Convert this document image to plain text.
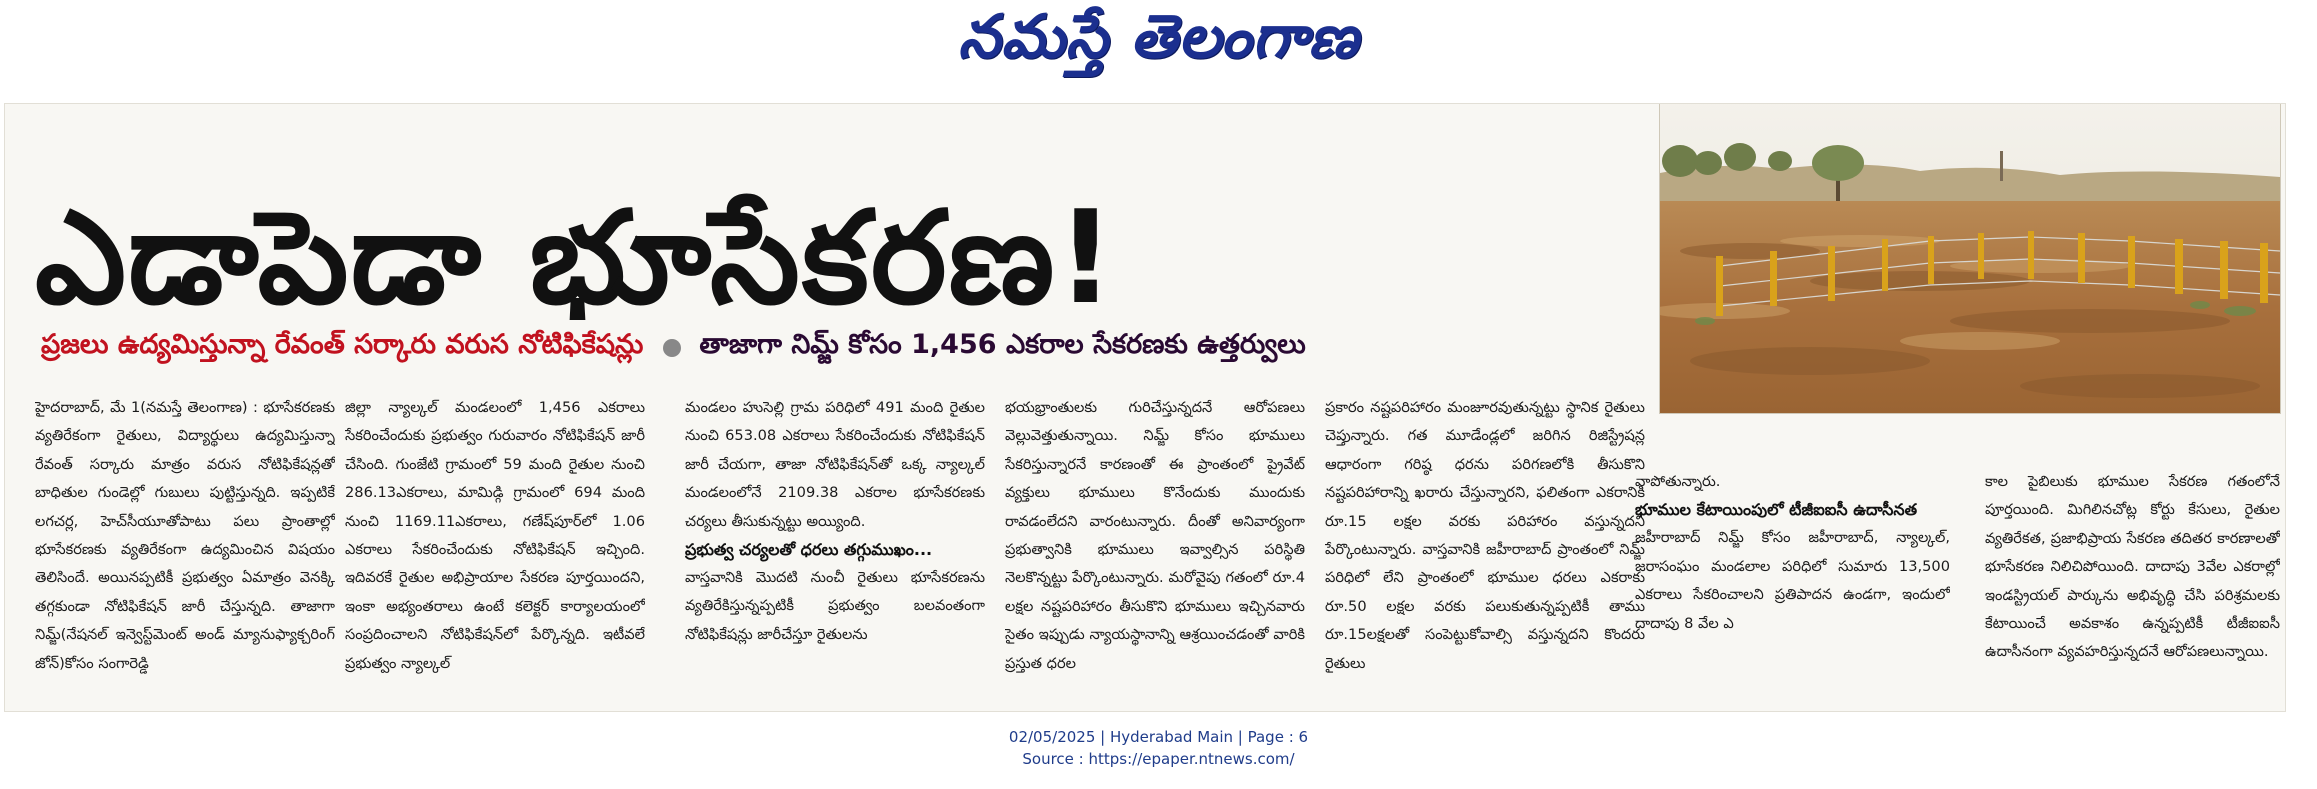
నమస్తే తెలంగాణ
ఎడాపెడా భూసేకరణ!
ప్రజలు ఉద్యమిస్తున్నా రేవంత్‌ సర్కారు వరుస నోటిఫికేషన్లు తాజాగా నిమ్జ్‌ కోసం 1,456 ఎకరాల సేకరణకు ఉత్తర్వులు

హైదరాబాద్‌, మే 1(నమస్తే తెలంగాణ) : భూసేకరణకు వ్యతిరేకంగా రైతులు, విద్యార్థులు ఉద్యమిస్తున్నా రేవంత్‌ సర్కారు మాత్రం వరుస నోటిఫికేషన్లతో బాధితుల గుండెల్లో గుబులు పుట్టిస్తున్నది. ఇప్పటికే లగచర్ల, హెచ్‌సీయూతోపాటు పలు ప్రాంతాల్లో భూసేకరణకు వ్యతిరేకంగా ఉద్యమించిన విషయం తెలిసిందే. అయినప్పటికీ ప్రభుత్వం ఏమాత్రం వెనక్కి తగ్గకుండా నోటిఫికేషన్‌ జారీ చేస్తున్నది. తాజాగా నిమ్జ్‌(నేషనల్‌ ఇన్వెస్ట్‌మెంట్‌ అండ్‌ మ్యానుఫ్యాక్చరింగ్‌ జోన్‌)కోసం సంగారెడ్డి

జిల్లా న్యాల్కల్‌ మండలంలో 1,456 ఎకరాలు సేకరించేందుకు ప్రభుత్వం గురువారం నోటిఫికేషన్‌ జారీ చేసింది. గుంజేటి గ్రామంలో 59 మంది రైతుల నుంచి 286.13ఎకరాలు, మామిడ్గి గ్రామంలో 694 మంది నుంచి 1169.11ఎకరాలు, గణేష్‌పూర్‌లో 1.06 ఎకరాలు సేకరించేందుకు నోటిఫికేషన్‌ ఇచ్చింది. ఇదివరకే రైతుల అభిప్రాయాల సేకరణ పూర్తయిందని, ఇంకా అభ్యంతరాలు ఉంటే కలెక్టర్‌ కార్యాలయంలో సంప్రదించాలని నోటిఫికేషన్‌లో పేర్కొన్నది. ఇటీవలే ప్రభుత్వం న్యాల్కల్‌

మండలం హుసెల్లి గ్రామ పరిధిలో 491 మంది రైతుల నుంచి 653.08 ఎకరాలు సేకరించేందుకు నోటిఫికేషన్‌ జారీ చేయగా, తాజా నోటిఫికేషన్‌తో ఒక్క న్యాల్కల్‌ మండలంలోనే 2109.38 ఎకరాల భూసేకరణకు చర్యలు తీసుకున్నట్టు అయ్యింది.

ప్రభుత్వ చర్యలతో ధరలు తగ్గుముఖం...

వాస్తవానికి మొదటి నుంచీ రైతులు భూసేకరణను వ్యతిరేకిస్తున్నప్పటికీ ప్రభుత్వం బలవంతంగా నోటిఫికేషన్లు జారీచేస్తూ రైతులను

భయభ్రాంతులకు గురిచేస్తున్నదనే ఆరోపణలు వెల్లువెత్తుతున్నాయి. నిమ్జ్‌ కోసం భూములు సేకరిస్తున్నారనే కారణంతో ఈ ప్రాంతంలో ప్రైవేట్‌ వ్యక్తులు భూములు కొనేందుకు ముందుకు రావడంలేదని వారంటున్నారు. దీంతో అనివార్యంగా ప్రభుత్వానికి భూములు ఇవ్వాల్సిన పరిస్థితి నెలకొన్నట్టు పేర్కొంటున్నారు. మరోవైపు గతంలో రూ.4 లక్షల నష్టపరిహారం తీసుకొని భూములు ఇచ్చినవారు సైతం ఇప్పుడు న్యాయస్థానాన్ని ఆశ్రయించడంతో వారికి ప్రస్తుత ధరల

ప్రకారం నష్టపరిహారం మంజూరవుతున్నట్టు స్థానిక రైతులు చెప్తున్నారు. గత మూడేండ్లలో జరిగిన రిజిస్ట్రేషన్ల ఆధారంగా గరిష్ఠ ధరను పరిగణలోకి తీసుకొని నష్టపరిహారాన్ని ఖరారు చేస్తున్నారని, ఫలితంగా ఎకరానికి రూ.15 లక్షల వరకు పరిహారం వస్తున్నదని పేర్కొంటున్నారు. వాస్తవానికి జహీరాబాద్‌ ప్రాంతంలో నిమ్జ్‌ పరిధిలో లేని ప్రాంతంలో భూముల ధరలు ఎకరాకు రూ.50 లక్షల వరకు పలుకుతున్నప్పటికీ తాము రూ.15లక్షలతో సంపెట్టుకోవాల్సి వస్తున్నదని కొందరు రైతులు

వాపోతున్నారు.

భూముల కేటాయింపులో టీజీఐఐసీ ఉదాసీనత

జహీరాబాద్‌ నిమ్జ్‌ కోసం జహీరాబాద్‌, న్యాల్కల్‌, జరాసంఘం మండలాల పరిధిలో సుమారు 13,500 ఎకరాలు సేకరించాలని ప్రతిపాదన ఉండగా, ఇందులో దాదాపు 8 వేల ఎ

కాల పైబిలుకు భూముల సేకరణ గతంలోనే పూర్తయింది. మిగిలినచోట్ల కోర్టు కేసులు, రైతుల వ్యతిరేకత, ప్రజాభిప్రాయ సేకరణ తదితర కారణాలతో భూసేకరణ నిలిచిపోయింది. దాదాపు 3వేల ఎకరాల్లో ఇండస్ట్రియల్‌ పార్కును అభివృద్ధి చేసి పరిశ్రమలకు కేటాయించే అవకాశం ఉన్నప్పటికీ టీజీఐఐసీ ఉదాసీనంగా వ్యవహరిస్తున్నదనే ఆరోపణలున్నాయి.

02/05/2025 | Hyderabad Main | Page : 6
Source : https://epaper.ntnews.com/
